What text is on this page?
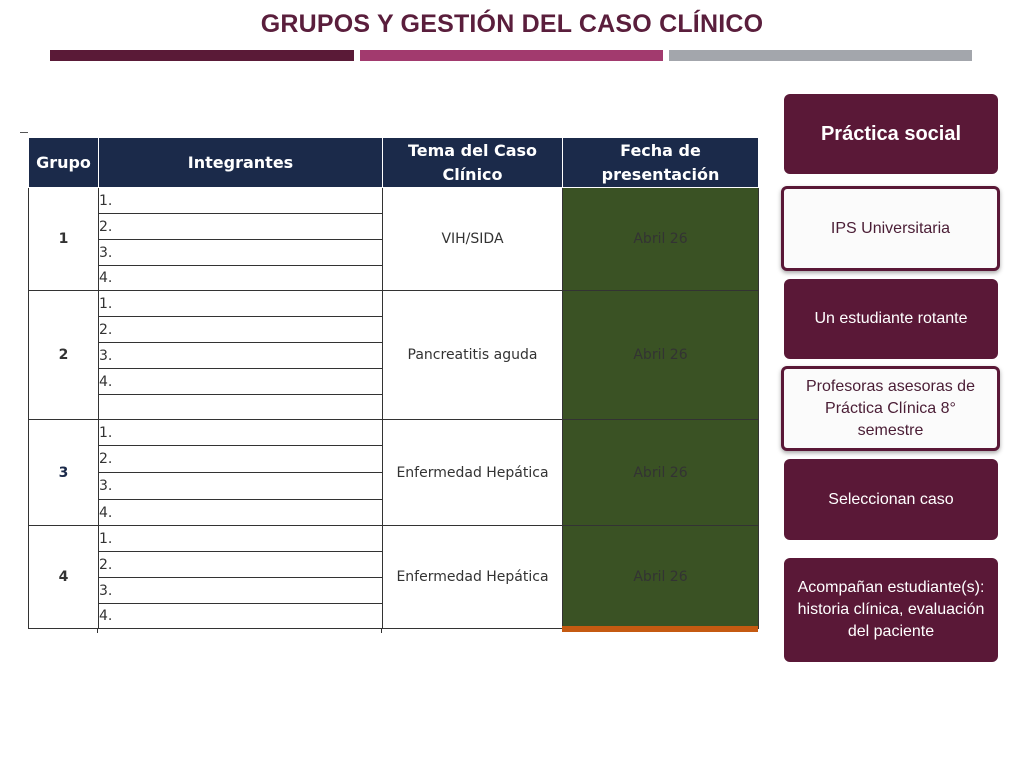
GRUPOS Y GESTIÓN DEL CASO CLÍNICO
Grupo	Integrantes	Tema del Caso Clínico	Fecha de presentación
1	1.	VIH/SIDA	Abril 26
	2.		
	3.		
	4.		
2	1.	Pancreatitis aguda	Abril 26
	2.		
	3.		
	4.		

3	1.	Enfermedad Hepática	Abril 26
	2.		
	3.		
	4.		
4	1.	Enfermedad Hepática	Abril 26
	2.		
	3.		
	4.		
Práctica social
IPS Universitaria
Un estudiante rotante
Profesoras asesoras de Práctica Clínica 8° semestre
Seleccionan caso
Acompañan estudiante(s): historia clínica, evaluación del paciente
